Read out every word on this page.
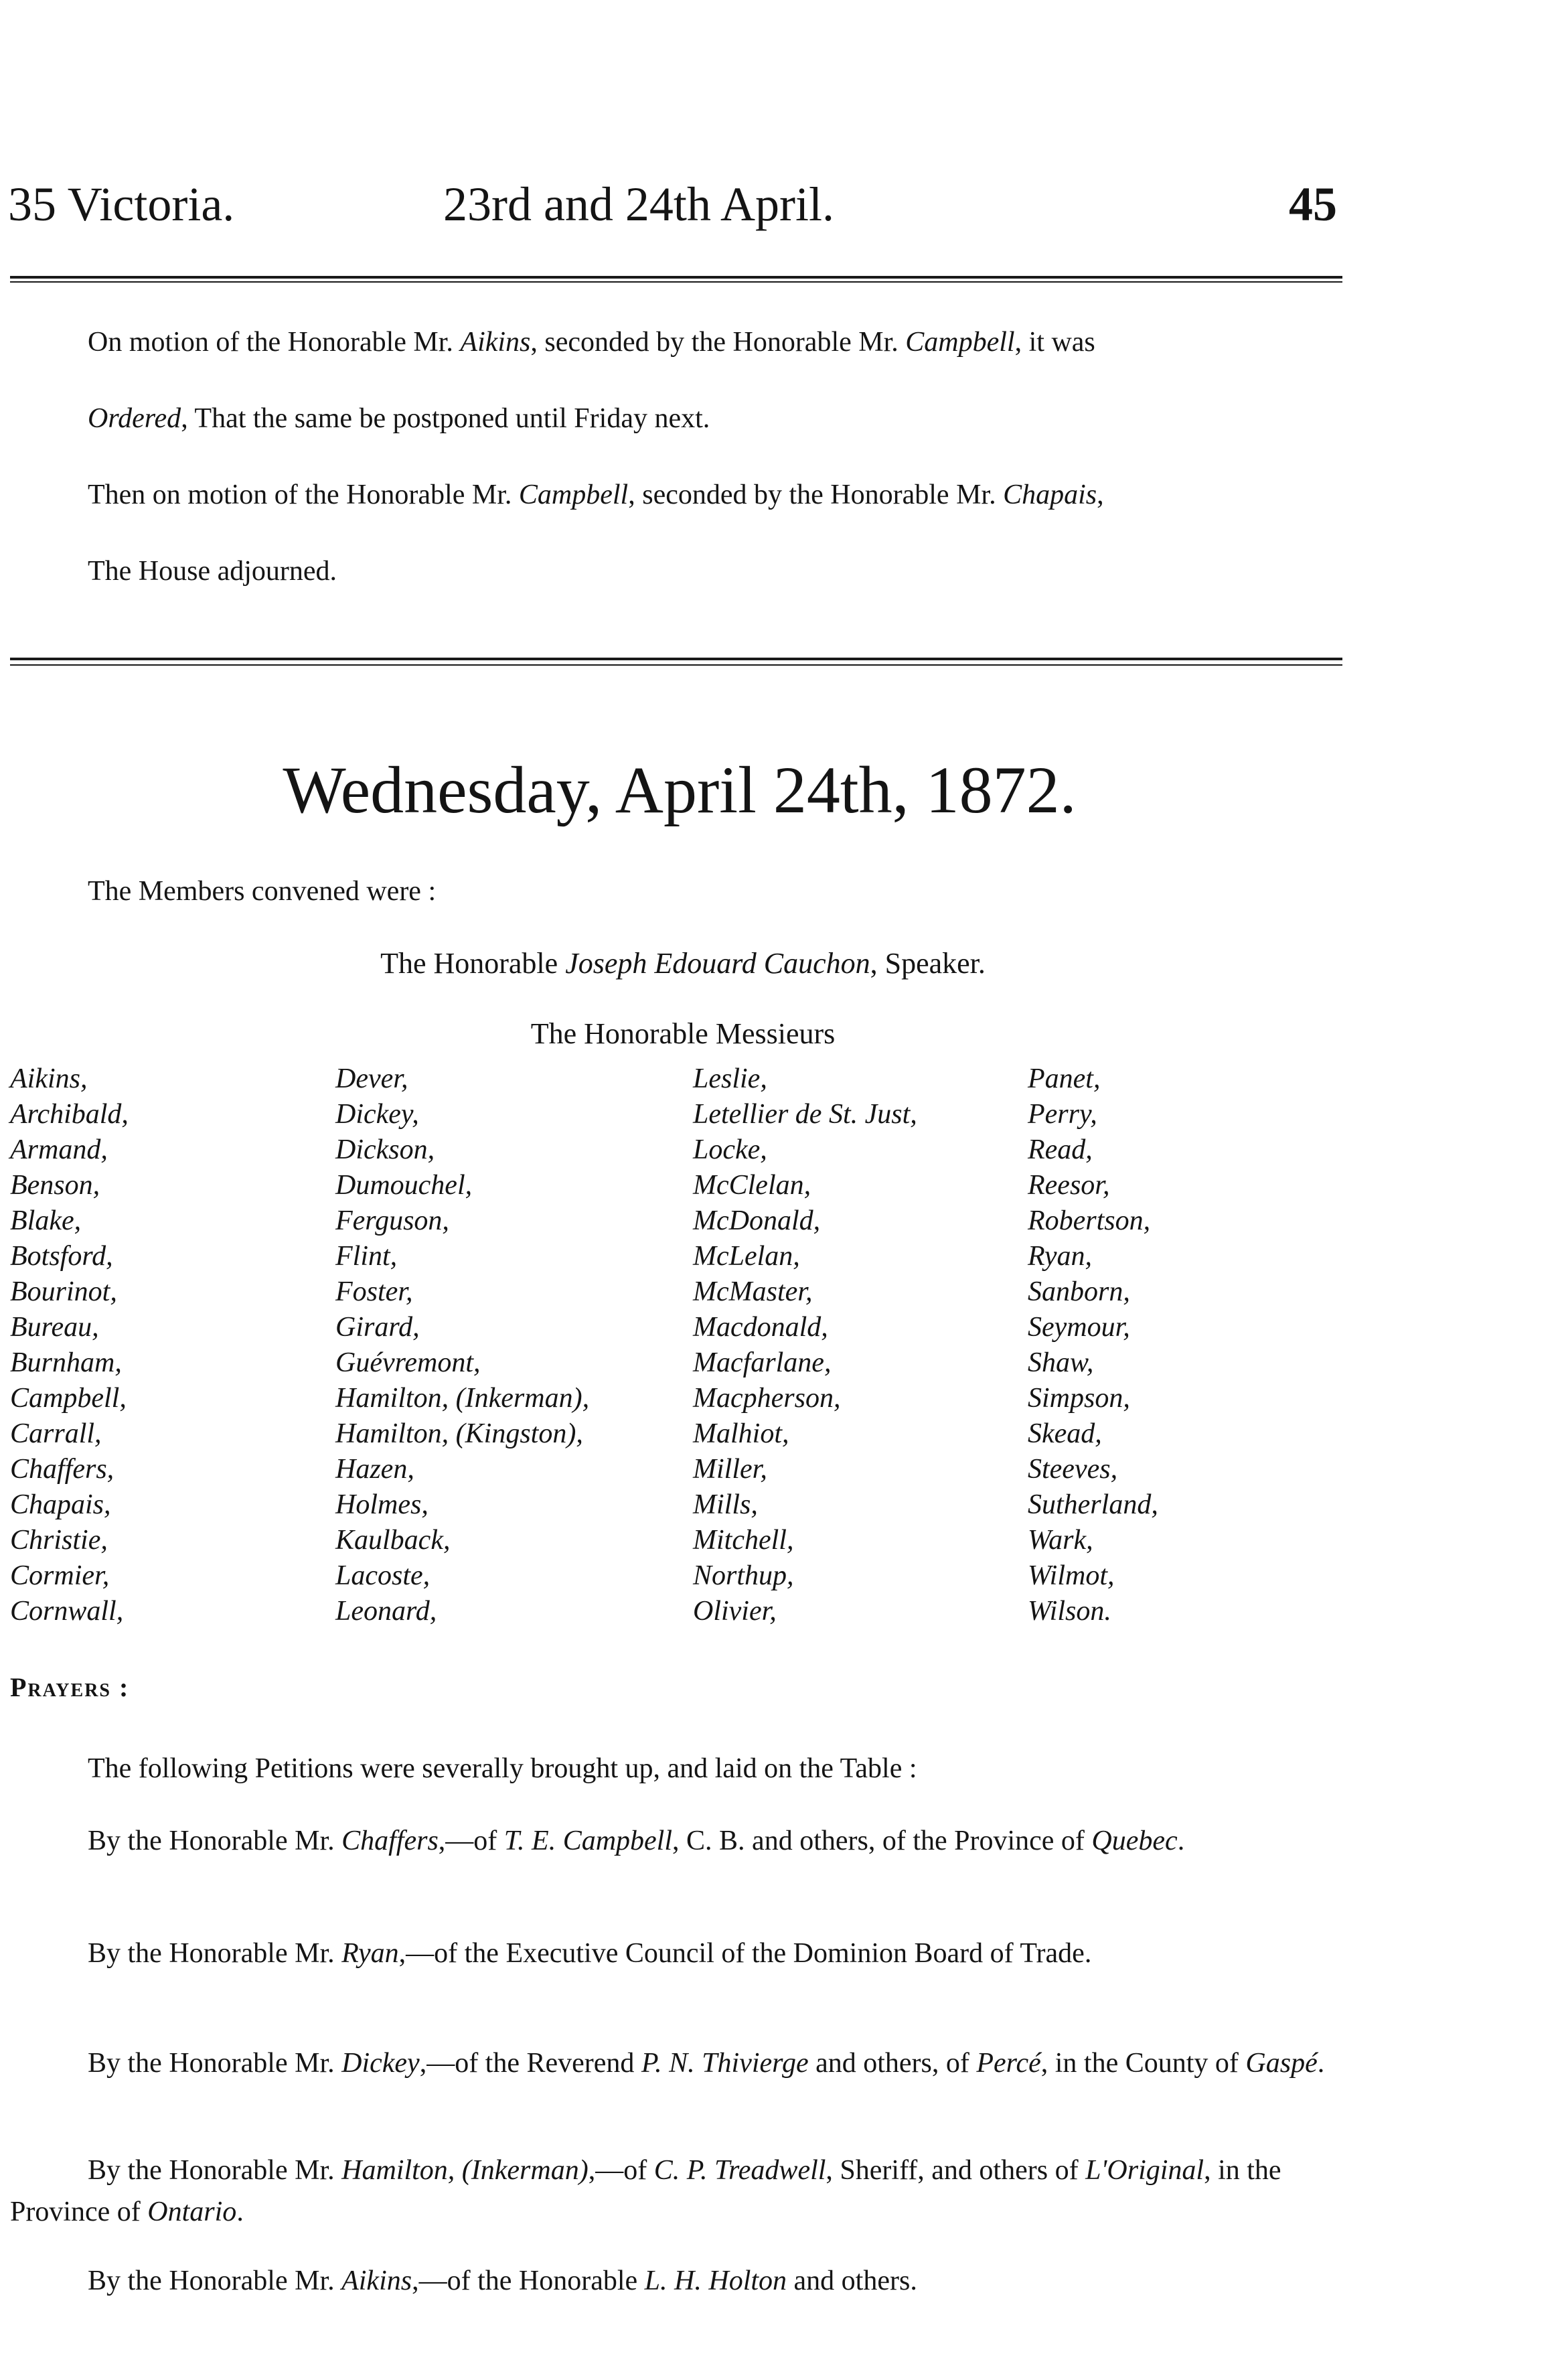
35 Victoria.	23rd and 24th April.	45

On motion of the Honorable Mr. Aikins, seconded by the Honorable Mr. Campbell, it was

Ordered, That the same be postponed until Friday next.

Then on motion of the Honorable Mr. Campbell, seconded by the Honorable Mr. Chapais,

The House adjourned.

Wednesday, April 24th, 1872.

The Members convened were :

The Honorable Joseph Edouard Cauchon, Speaker.
The Honorable Messieurs
Aikins,
Archibald,
Armand,
Benson,
Blake,
Botsford,
Bourinot,
Bureau,
Burnham,
Campbell,
Carrall,
Chaffers,
Chapais,
Christie,
Cormier,
Cornwall,
Dever,
Dickey,
Dickson,
Dumouchel,
Ferguson,
Flint,
Foster,
Girard,
Guévremont,
Hamilton, (Inkerman),
Hamilton, (Kingston),
Hazen,
Holmes,
Kaulback,
Lacoste,
Leonard,
Leslie,
Letellier de St. Just,
Locke,
McClelan,
McDonald,
McLelan,
McMaster,
Macdonald,
Macfarlane,
Macpherson,
Malhiot,
Miller,
Mills,
Mitchell,
Northup,
Olivier,
Panet,
Perry,
Read,
Reesor,
Robertson,
Ryan,
Sanborn,
Seymour,
Shaw,
Simpson,
Skead,
Steeves,
Sutherland,
Wark,
Wilmot,
Wilson.
Prayers :

The following Petitions were severally brought up, and laid on the Table :

By the Honorable Mr. Chaffers,—of T. E. Campbell, C. B. and others, of the Province of Quebec.

By the Honorable Mr. Ryan,—of the Executive Council of the Dominion Board of Trade.

By the Honorable Mr. Dickey,—of the Reverend P. N. Thivierge and others, of Percé, in the County of Gaspé.

By the Honorable Mr. Hamilton, (Inkerman),—of C. P. Treadwell, Sheriff, and others of L'Original, in the Province of Ontario.

By the Honorable Mr. Aikins,—of the Honorable L. H. Holton and others.
